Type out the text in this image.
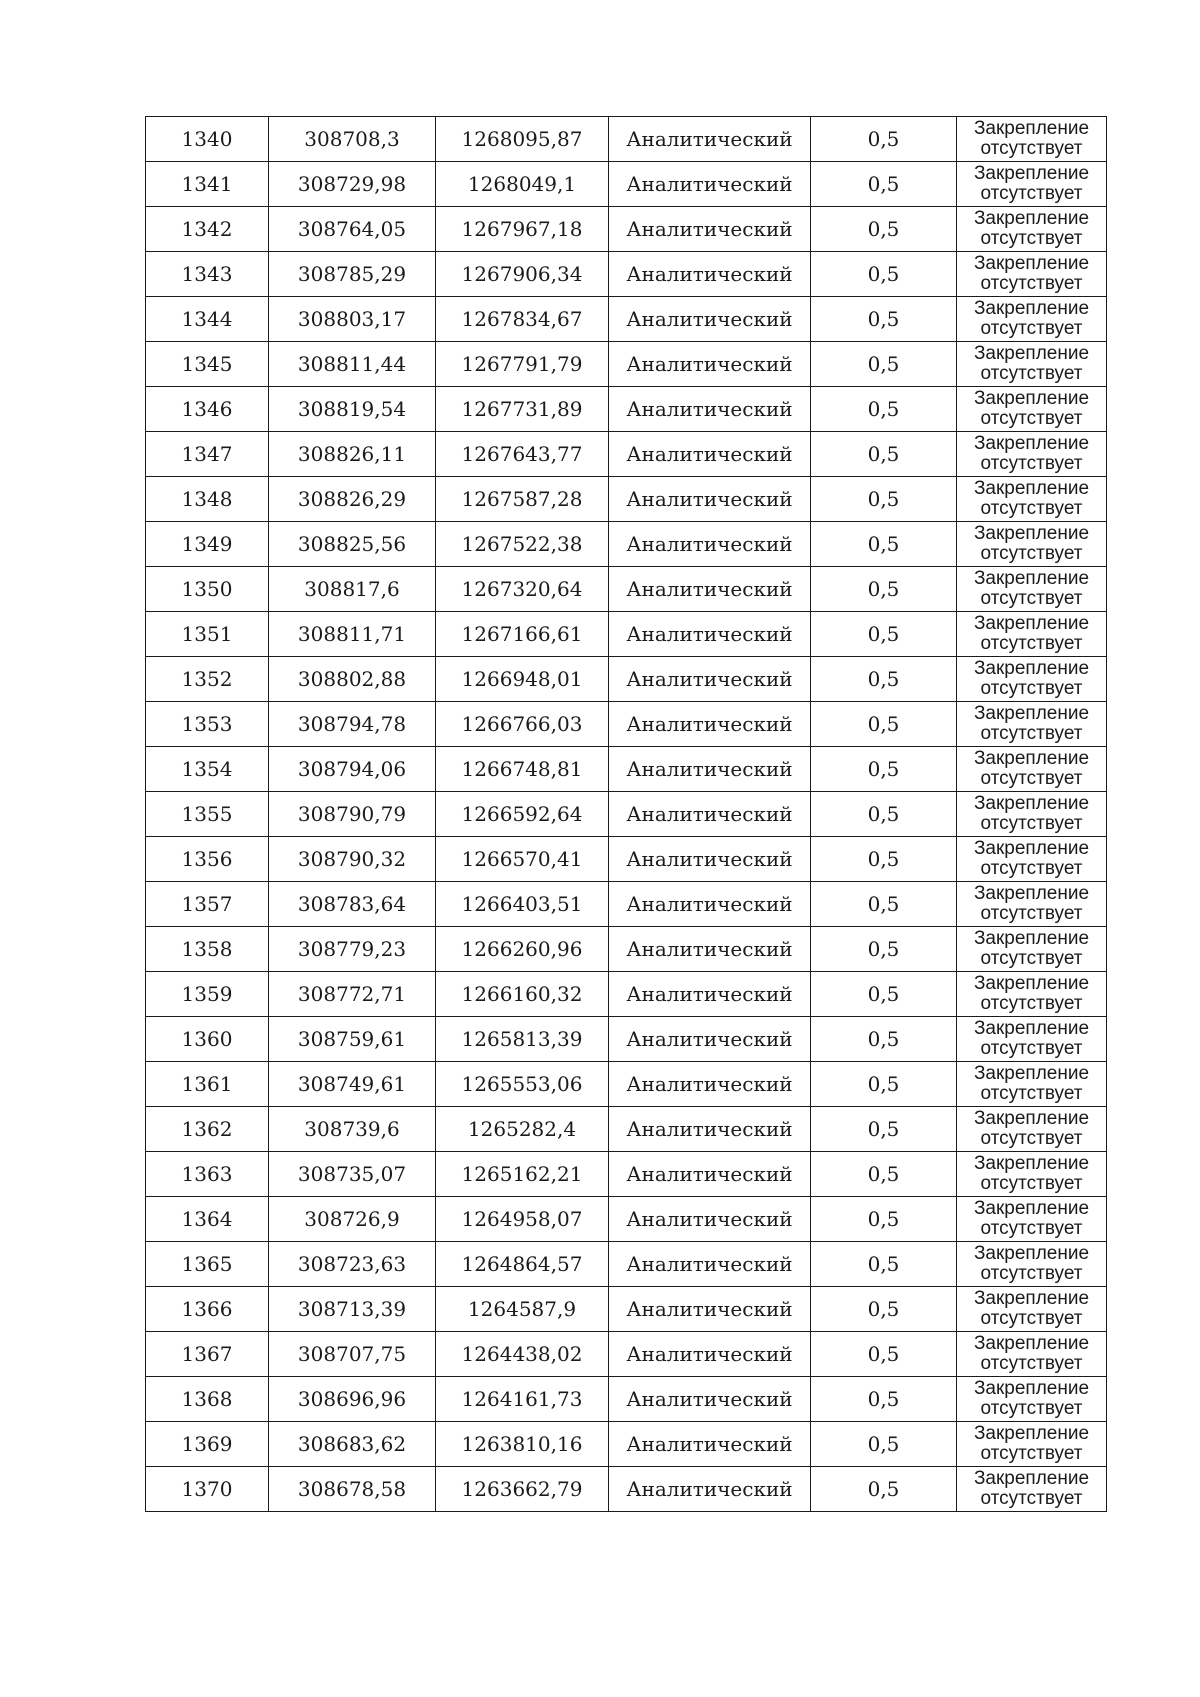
1340	308708,3	1268095,87	Аналитический	0,5	Закрепление
отсутствует

1341	308729,98	1268049,1	Аналитический	0,5	Закрепление
отсутствует

1342	308764,05	1267967,18	Аналитический	0,5	Закрепление
отсутствует

1343	308785,29	1267906,34	Аналитический	0,5	Закрепление
отсутствует

1344	308803,17	1267834,67	Аналитический	0,5	Закрепление
отсутствует

1345	308811,44	1267791,79	Аналитический	0,5	Закрепление
отсутствует

1346	308819,54	1267731,89	Аналитический	0,5	Закрепление
отсутствует

1347	308826,11	1267643,77	Аналитический	0,5	Закрепление
отсутствует

1348	308826,29	1267587,28	Аналитический	0,5	Закрепление
отсутствует

1349	308825,56	1267522,38	Аналитический	0,5	Закрепление
отсутствует

1350	308817,6	1267320,64	Аналитический	0,5	Закрепление
отсутствует

1351	308811,71	1267166,61	Аналитический	0,5	Закрепление
отсутствует

1352	308802,88	1266948,01	Аналитический	0,5	Закрепление
отсутствует

1353	308794,78	1266766,03	Аналитический	0,5	Закрепление
отсутствует

1354	308794,06	1266748,81	Аналитический	0,5	Закрепление
отсутствует

1355	308790,79	1266592,64	Аналитический	0,5	Закрепление
отсутствует

1356	308790,32	1266570,41	Аналитический	0,5	Закрепление
отсутствует

1357	308783,64	1266403,51	Аналитический	0,5	Закрепление
отсутствует

1358	308779,23	1266260,96	Аналитический	0,5	Закрепление
отсутствует

1359	308772,71	1266160,32	Аналитический	0,5	Закрепление
отсутствует

1360	308759,61	1265813,39	Аналитический	0,5	Закрепление
отсутствует

1361	308749,61	1265553,06	Аналитический	0,5	Закрепление
отсутствует

1362	308739,6	1265282,4	Аналитический	0,5	Закрепление
отсутствует

1363	308735,07	1265162,21	Аналитический	0,5	Закрепление
отсутствует

1364	308726,9	1264958,07	Аналитический	0,5	Закрепление
отсутствует

1365	308723,63	1264864,57	Аналитический	0,5	Закрепление
отсутствует

1366	308713,39	1264587,9	Аналитический	0,5	Закрепление
отсутствует

1367	308707,75	1264438,02	Аналитический	0,5	Закрепление
отсутствует

1368	308696,96	1264161,73	Аналитический	0,5	Закрепление
отсутствует

1369	308683,62	1263810,16	Аналитический	0,5	Закрепление
отсутствует

1370	308678,58	1263662,79	Аналитический	0,5	Закрепление
отсутствует
